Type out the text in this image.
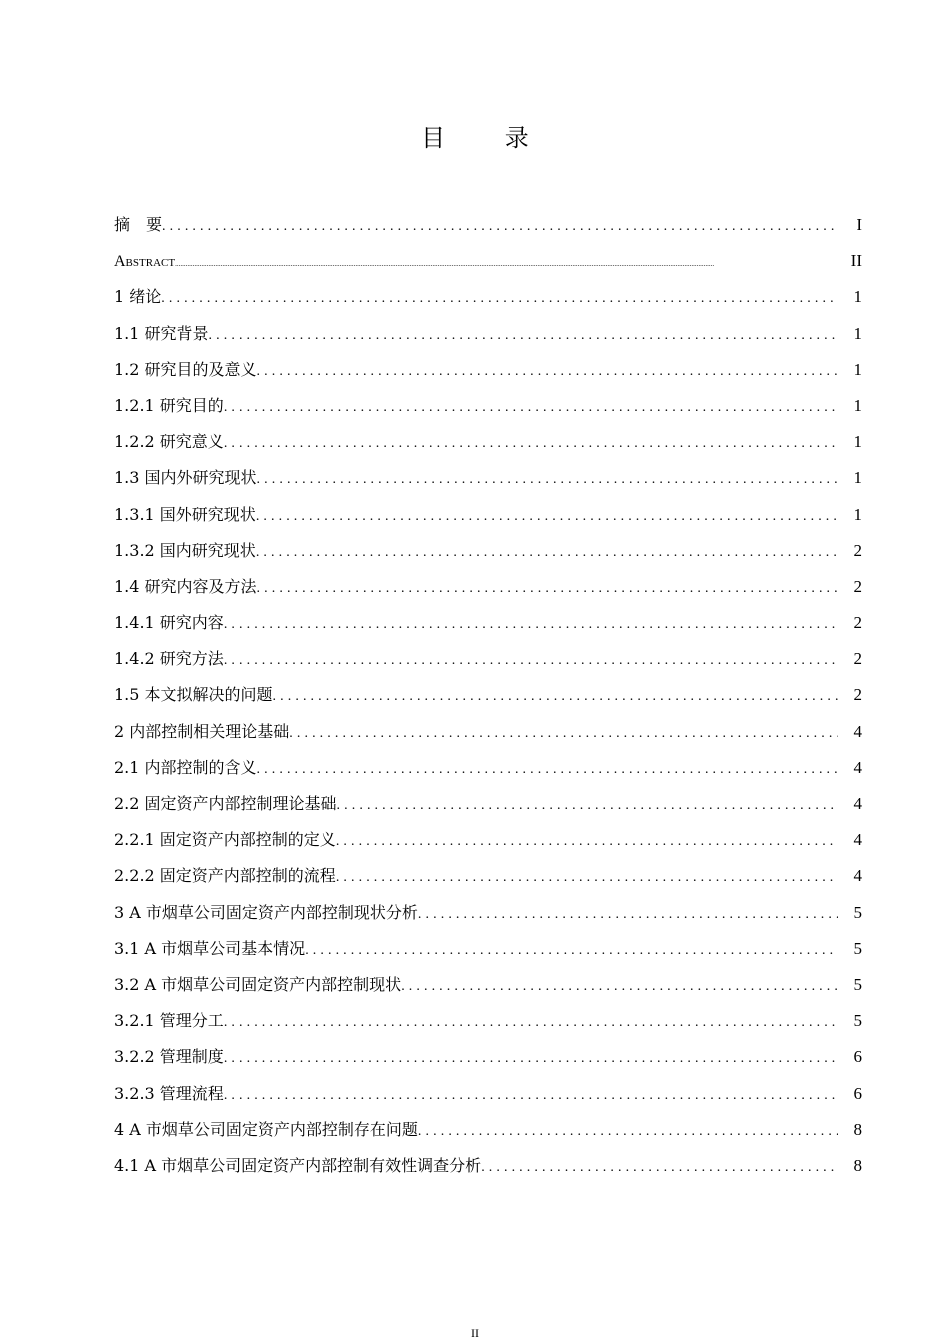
目 录
摘　要 . . .	I
Abstract .....	II
1 绪论 . . .	1
1.1 研究背景 . . .	1
1.2 研究目的及意义 . . .	1
1.2.1 研究目的 . . .	1
1.2.2 研究意义 . . .	1
1.3 国内外研究现状 . . .	1
1.3.1 国外研究现状 . . .	1
1.3.2 国内研究现状 . . .	2
1.4 研究内容及方法 . . .	2
1.4.1 研究内容 . . .	2
1.4.2 研究方法 . . .	2
1.5 本文拟解决的问题 . . .	2
2 内部控制相关理论基础 . . .	4
2.1 内部控制的含义 . . .	4
2.2 固定资产内部控制理论基础 . . .	4
2.2.1 固定资产内部控制的定义 . . .	4
2.2.2 固定资产内部控制的流程 . . .	4
3 A 市烟草公司固定资产内部控制现状分析 . . .	5
3.1 A 市烟草公司基本情况 . . .	5
3.2 A 市烟草公司固定资产内部控制现状 . . .	5
3.2.1 管理分工 . . .	5
3.2.2 管理制度 . . .	6
3.2.3 管理流程 . . .	6
4 A 市烟草公司固定资产内部控制存在问题 . . .	8
4.1 A 市烟草公司固定资产内部控制有效性调查分析 . . .	8
II
